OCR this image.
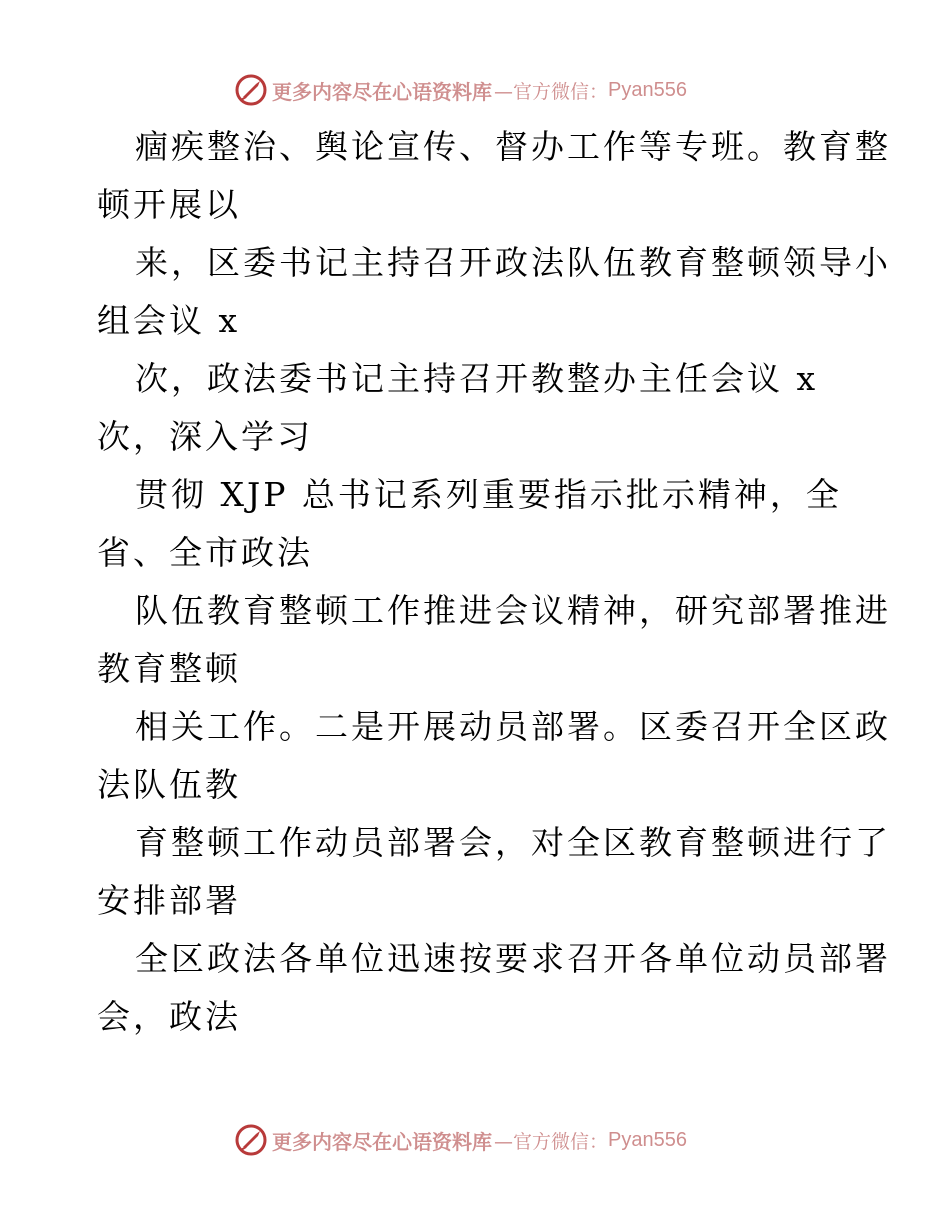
更多内容尽在心语资料库 —官方微信： Pyan556
痼疾整治、舆论宣传、督办工作等专班。教育整
顿开展以
来，区委书记主持召开政法队伍教育整顿领导小
组会议 x
次，政法委书记主持召开教整办主任会议 x
次，深入学习
贯彻 XJP 总书记系列重要指示批示精神，全
省、全市政法
队伍教育整顿工作推进会议精神，研究部署推进
教育整顿
相关工作。二是开展动员部署。区委召开全区政
法队伍教
育整顿工作动员部署会，对全区教育整顿进行了
安排部署
全区政法各单位迅速按要求召开各单位动员部署
会，政法
更多内容尽在心语资料库 —官方微信： Pyan556
